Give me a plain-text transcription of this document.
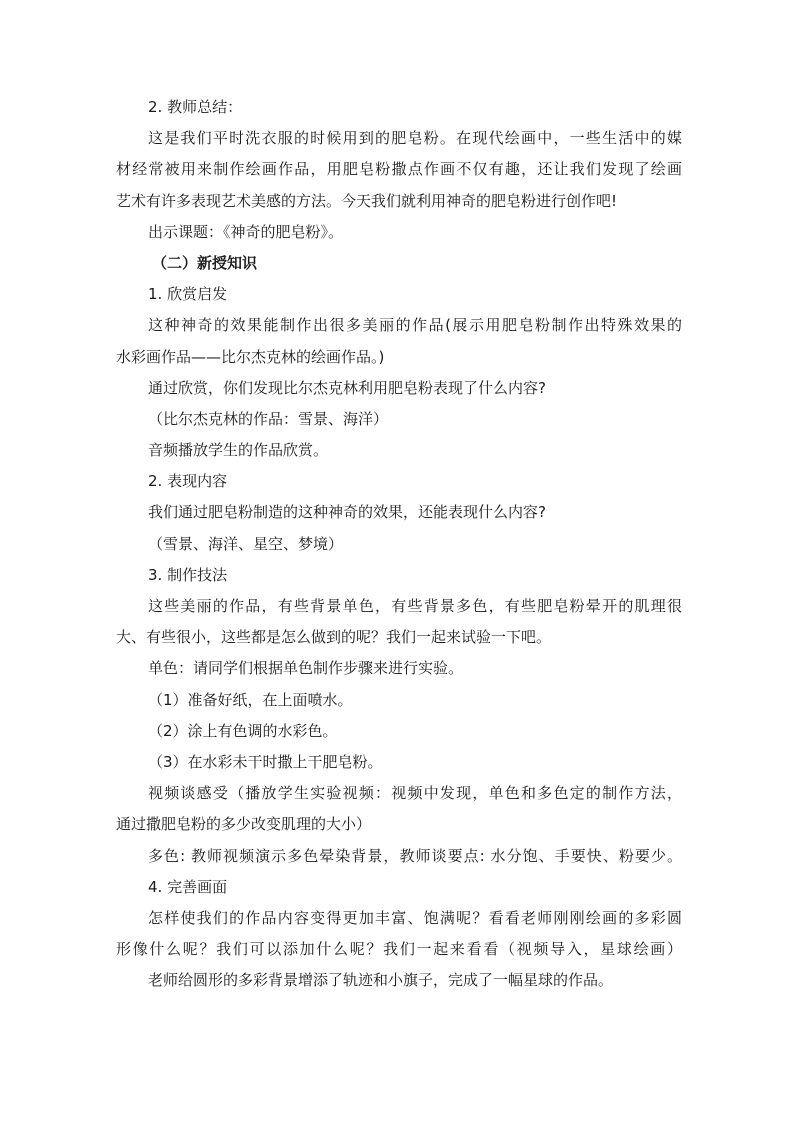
2. 教师总结：

这是我们平时洗衣服的时候用到的肥皂粉。在现代绘画中，一些生活中的媒

材经常被用来制作绘画作品，用肥皂粉撒点作画不仅有趣，还让我们发现了绘画

艺术有许多表现艺术美感的方法。今天我们就利用神奇的肥皂粉进行创作吧!

出示课题：《神奇的肥皂粉》。

（二）新授知识

1. 欣赏启发

这种神奇的效果能制作出很多美丽的作品(展示用肥皂粉制作出特殊效果的

水彩画作品——比尔杰克林的绘画作品。)

通过欣赏，你们发现比尔杰克林利用肥皂粉表现了什么内容?

（比尔杰克林的作品：雪景、海洋）

音频播放学生的作品欣赏。

2. 表现内容

我们通过肥皂粉制造的这种神奇的效果，还能表现什么内容?

（雪景、海洋、星空、梦境）

3. 制作技法

这些美丽的作品，有些背景单色，有些背景多色，有些肥皂粉晕开的肌理很

大、有些很小，这些都是怎么做到的呢？我们一起来试验一下吧。

单色：请同学们根据单色制作步骤来进行实验。

（1）准备好纸，在上面喷水。

（2）涂上有色调的水彩色。

（3）在水彩未干时撒上干肥皂粉。

视频谈感受（播放学生实验视频：视频中发现，单色和多色定的制作方法，

通过撒肥皂粉的多少改变肌理的大小）

多色: 教师视频演示多色晕染背景，教师谈要点: 水分饱、手要快、粉要少。

4. 完善画面

怎样使我们的作品内容变得更加丰富、饱满呢？看看老师刚刚绘画的多彩圆

形像什么呢？我们可以添加什么呢？我们一起来看看（视频导入，星球绘画）

老师给圆形的多彩背景增添了轨迹和小旗子，完成了一幅星球的作品。
